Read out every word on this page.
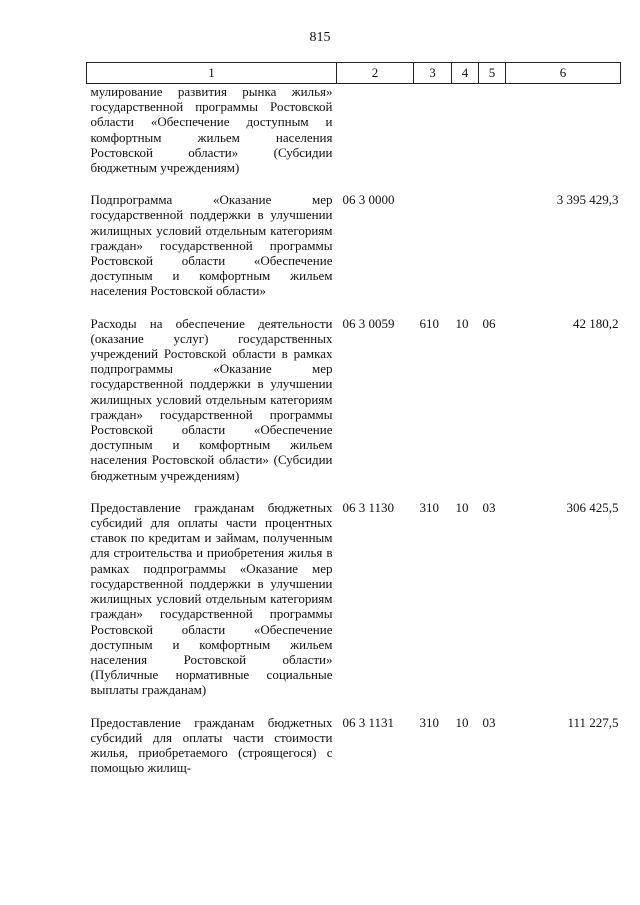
815
1	2	3	4	5	6

мулирование развития рынка жилья» государственной программы Ростовской области «Обеспечение доступным и комфортным жильем населения Ростовской области» (Субсидии бюджетным учреждениям)					

Подпрограмма «Оказание мер государственной поддержки в улучшении жилищных условий отдельным категориям граждан» государственной программы Ростовской области «Обеспечение доступным и комфортным жильем населения Ростовской области»	06 3 0000				3 395 429,3

Расходы на обеспечение деятельности (оказание услуг) государственных учреждений Ростовской области в рамках подпрограммы «Оказание мер государственной поддержки в улучшении жилищных условий отдельным категориям граждан» государственной программы Ростовской области «Обеспечение доступным и комфортным жильем населения Ростовской области» (Субсидии бюджетным учреждениям)	06 3 0059	610	10	06	42 180,2

Предоставление гражданам бюджетных субсидий для оплаты части процентных ставок по кредитам и займам, полученным для строительства и приобретения жилья в рамках подпрограммы «Оказание мер государственной поддержки в улучшении жилищных условий отдельным категориям граждан» государственной программы Ростовской области «Обеспечение доступным и комфортным жильем населения Ростовской области» (Публичные нормативные социальные выплаты гражданам)	06 3 1130	310	10	03	306 425,5

Предоставление гражданам бюджетных субсидий для оплаты части стоимости жилья, приобретаемого (строящегося) с помощью жилищ-	06 3 1131	310	10	03	111 227,5
